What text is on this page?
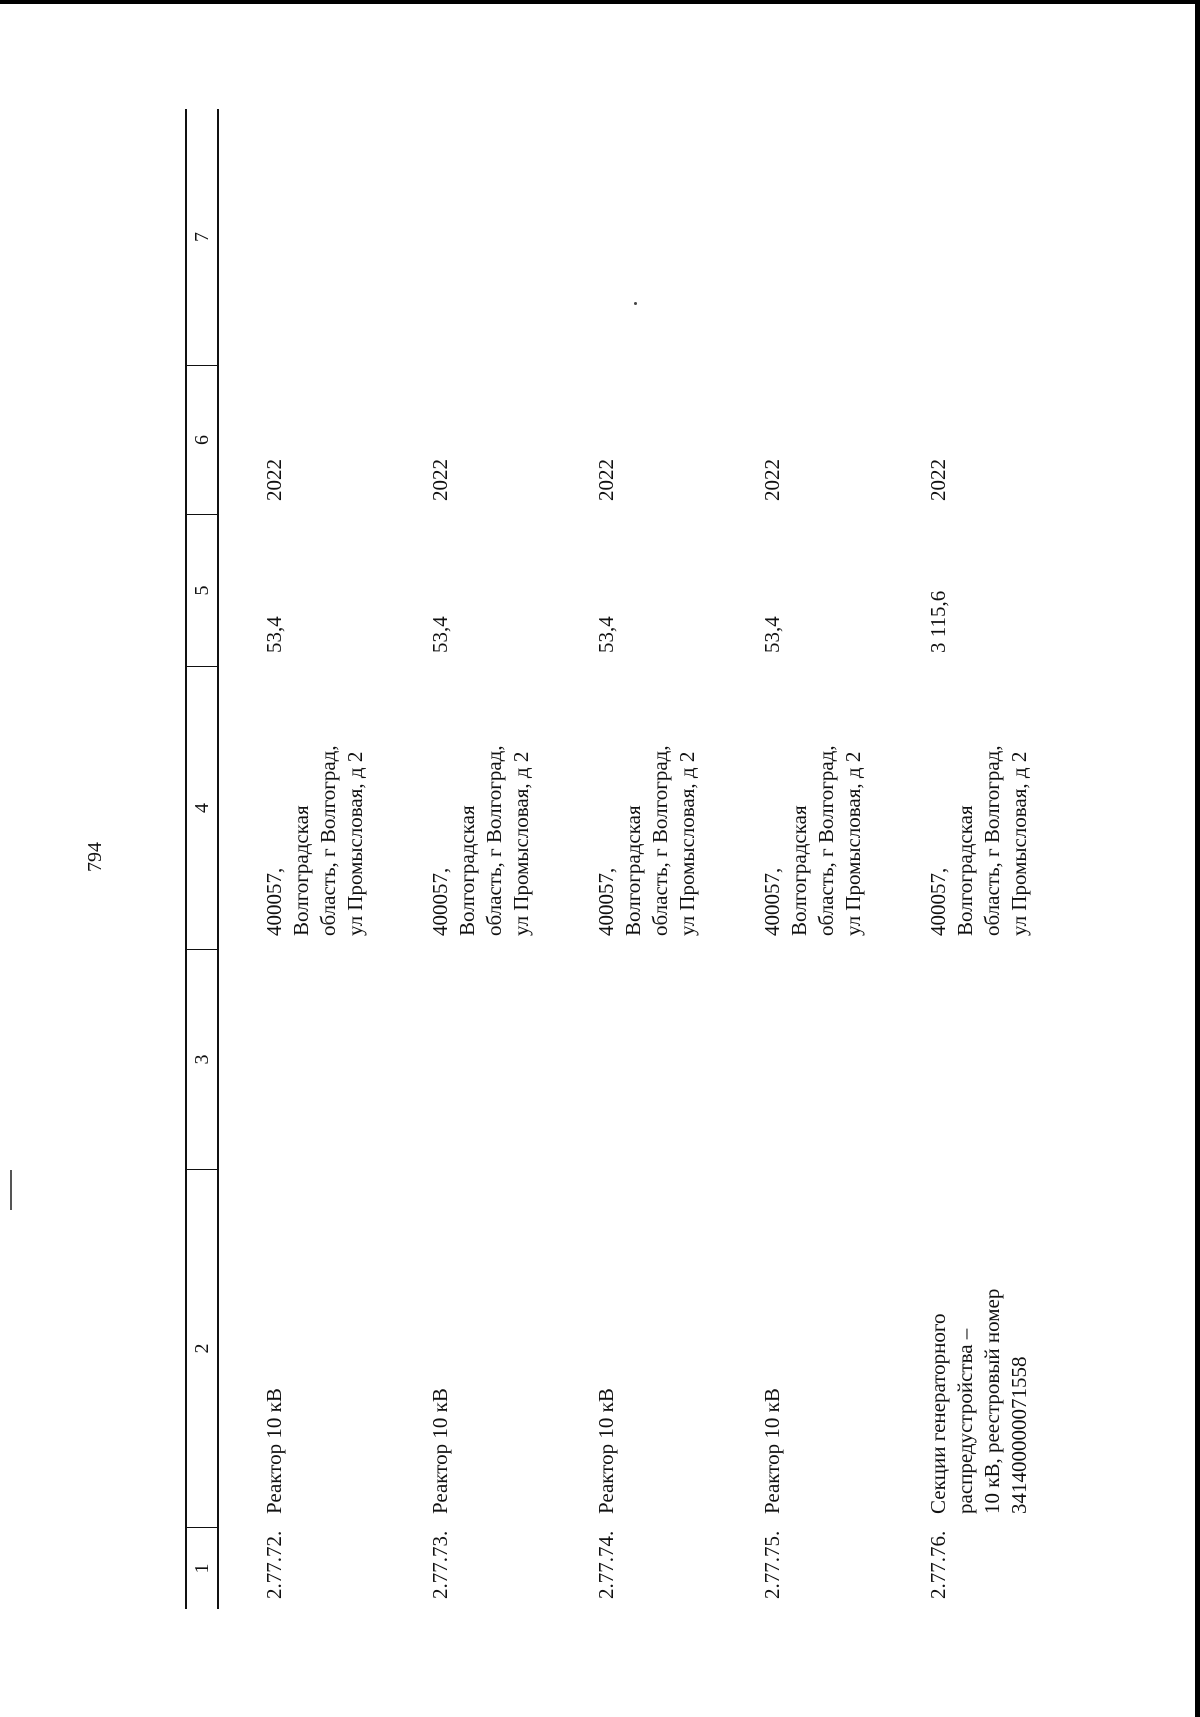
794
1
2
3
4
5
6
7
2.77.72.
Реактор 10 кВ
400057, Волгоградская область, г Волгоград, ул Промысловая, д 2
53,4
2022
2.77.73.
Реактор 10 кВ
400057, Волгоградская область, г Волгоград, ул Промысловая, д 2
53,4
2022
2.77.74.
Реактор 10 кВ
400057, Волгоградская область, г Волгоград, ул Промысловая, д 2
53,4
2022
2.77.75.
Реактор 10 кВ
400057, Волгоградская область, г Волгоград, ул Промысловая, д 2
53,4
2022
2.77.76.
Секции генераторного распредустройства – 10 кВ, реестровый номер 341400000071558
400057, Волгоградская область, г Волгоград, ул Промысловая, д 2
3 115,6
2022
